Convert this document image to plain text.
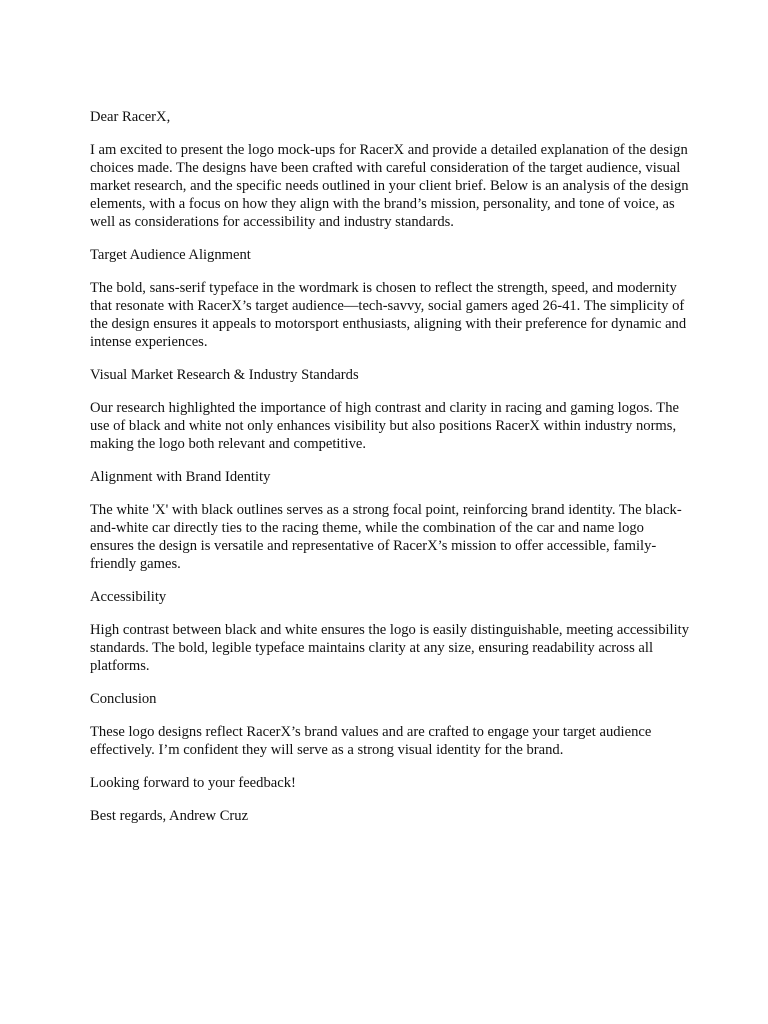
Dear RacerX,

I am excited to present the logo mock-ups for RacerX and provide a detailed explanation of the design choices made. The designs have been crafted with careful consideration of the target audience, visual market research, and the specific needs outlined in your client brief. Below is an analysis of the design elements, with a focus on how they align with the brand’s mission, personality, and tone of voice, as well as considerations for accessibility and industry standards.

Target Audience Alignment

The bold, sans-serif typeface in the wordmark is chosen to reflect the strength, speed, and modernity that resonate with RacerX’s target audience—tech-savvy, social gamers aged 26-41. The simplicity of the design ensures it appeals to motorsport enthusiasts, aligning with their preference for dynamic and intense experiences.

Visual Market Research & Industry Standards

Our research highlighted the importance of high contrast and clarity in racing and gaming logos. The use of black and white not only enhances visibility but also positions RacerX within industry norms, making the logo both relevant and competitive.

Alignment with Brand Identity

The white 'X' with black outlines serves as a strong focal point, reinforcing brand identity. The black-and-white car directly ties to the racing theme, while the combination of the car and name logo ensures the design is versatile and representative of RacerX’s mission to offer accessible, family-friendly games.

Accessibility

High contrast between black and white ensures the logo is easily distinguishable, meeting accessibility standards. The bold, legible typeface maintains clarity at any size, ensuring readability across all platforms.

Conclusion

These logo designs reflect RacerX’s brand values and are crafted to engage your target audience effectively. I’m confident they will serve as a strong visual identity for the brand.

Looking forward to your feedback!

Best regards, Andrew Cruz
